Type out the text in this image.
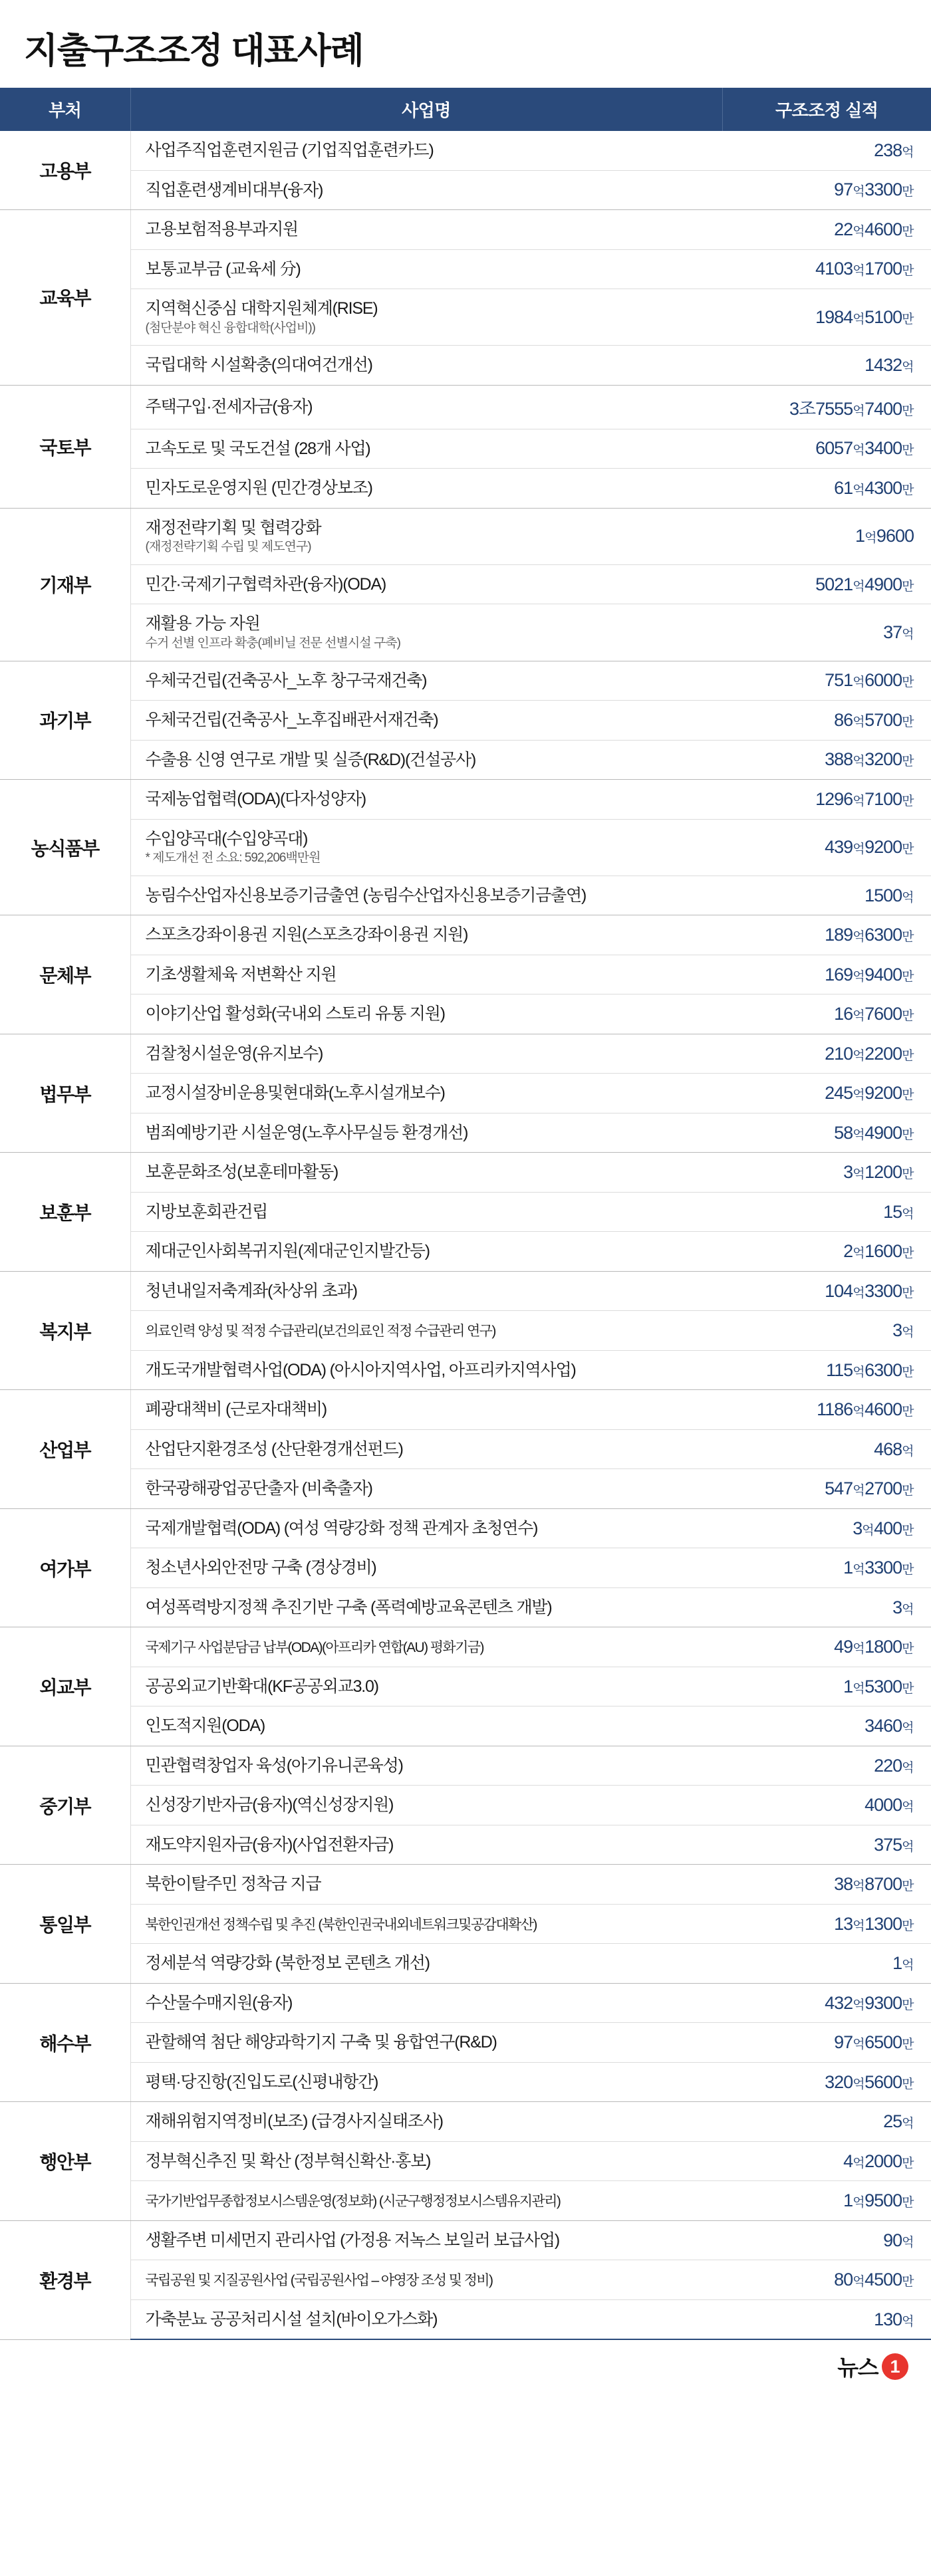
지출구조조정 대표사례
부처	사업명	구조조정 실적
고용부	사업주직업훈련지원금 (기업직업훈련카드)	238억
	직업훈련생계비대부(융자)	97억3300만
교육부	고용보험적용부과지원	22억4600만
	보통교부금 (교육세 分)	4103억1700만
	지역혁신중심 대학지원체계(RISE)
(첨단분야 혁신 융합대학(사업비))	1984억5100만
	국립대학 시설확충(의대여건개선)	1432억
국토부	주택구입·전세자금(융자)	3조7555억7400만
	고속도로 및 국도건설 (28개 사업)	6057억3400만
	민자도로운영지원 (민간경상보조)	61억4300만
기재부	재정전략기획 및 협력강화
(재정전략기획 수립 및 제도연구)	1억9600
	민간·국제기구협력차관(융자)(ODA)	5021억4900만
	재활용 가능 자원
수거 선별 인프라 확충(폐비닐 전문 선별시설 구축)	37억
과기부	우체국건립(건축공사_노후 창구국재건축)	751억6000만
	우체국건립(건축공사_노후집배관서재건축)	86억5700만
	수출용 신영 연구로 개발 및 실증(R&D)(건설공사)	388억3200만
농식품부	국제농업협력(ODA)(다자성양자)	1296억7100만
	수입양곡대(수입양곡대)
* 제도개선 전 소요: 592,206백만원	439억9200만
	농림수산업자신용보증기금출연 (농림수산업자신용보증기금출연)	1500억
문체부	스포츠강좌이용권 지원(스포츠강좌이용권 지원)	189억6300만
	기초생활체육 저변확산 지원	169억9400만
	이야기산업 활성화(국내외 스토리 유통 지원)	16억7600만
법무부	검찰청시설운영(유지보수)	210억2200만
	교정시설장비운용및현대화(노후시설개보수)	245억9200만
	범죄예방기관 시설운영(노후사무실등 환경개선)	58억4900만
보훈부	보훈문화조성(보훈테마활동)	3억1200만
	지방보훈회관건립	15억
	제대군인사회복귀지원(제대군인지발간등)	2억1600만
복지부	청년내일저축계좌(차상위 초과)	104억3300만
	의료인력 양성 및 적정 수급관리(보건의료인 적정 수급관리 연구)	3억
	개도국개발협력사업(ODA) (아시아지역사업, 아프리카지역사업)	115억6300만
산업부	폐광대책비 (근로자대책비)	1186억4600만
	산업단지환경조성 (산단환경개선펀드)	468억
	한국광해광업공단출자 (비축출자)	547억2700만
여가부	국제개발협력(ODA) (여성 역량강화 정책 관계자 초청연수)	3억400만
	청소년사외안전망 구축 (경상경비)	1억3300만
	여성폭력방지정책 추진기반 구축 (폭력예방교육콘텐츠 개발)	3억
외교부	국제기구 사업분담금 납부(ODA)(아프리카 연합(AU) 평화기금)	49억1800만
	공공외교기반확대(KF공공외교3.0)	1억5300만
	인도적지원(ODA)	3460억
중기부	민관협력창업자 육성(아기유니콘육성)	220억
	신성장기반자금(융자)(역신성장지원)	4000억
	재도약지원자금(융자)(사업전환자금)	375억
통일부	북한이탈주민 정착금 지급	38억8700만
	북한인권개선 정책수립 및 추진 (북한인권국내외네트워크및공감대확산)	13억1300만
	정세분석 역량강화 (북한정보 콘텐츠 개선)	1억
해수부	수산물수매지원(융자)	432억9300만
	관할해역 첨단 해양과학기지 구축 및 융합연구(R&D)	97억6500만
	평택·당진항(진입도로(신평내항간)	320억5600만
행안부	재해위험지역정비(보조) (급경사지실태조사)	25억
	정부혁신추진 및 확산 (정부혁신확산·홍보)	4억2000만
	국가기반업무종합정보시스템운영(정보화) (시군구행정정보시스템유지관리)	1억9500만
환경부	생활주변 미세먼지 관리사업 (가정용 저녹스 보일러 보급사업)	90억
	국립공원 및 지질공원사업 (국립공원사업 – 야영장 조성 및 정비)	80억4500만
	가축분뇨 공공처리시설 설치(바이오가스화)	130억
뉴스 1
